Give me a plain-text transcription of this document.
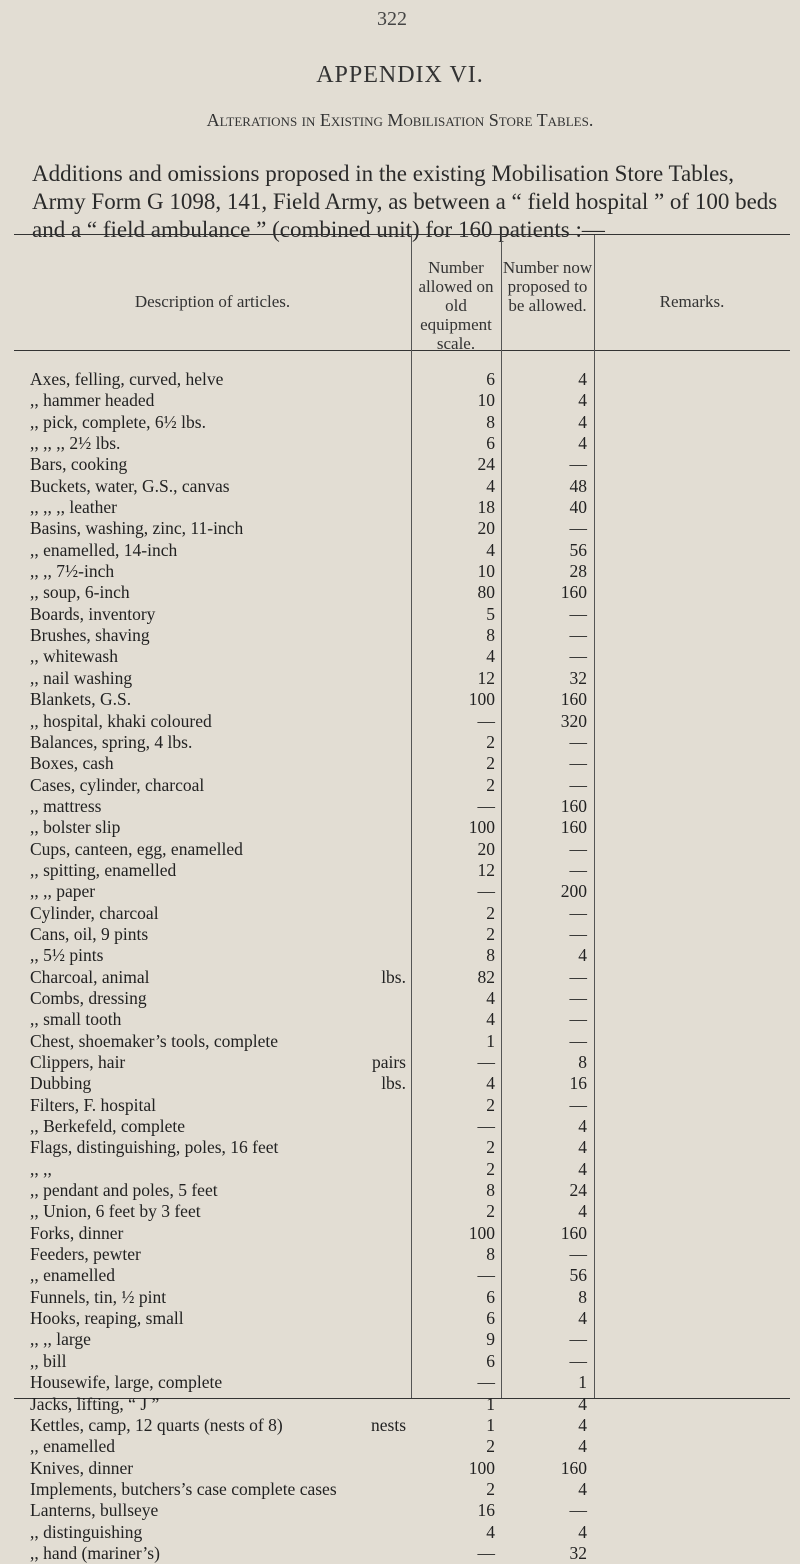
322
APPENDIX VI.
Alterations in Existing Mobilisation Store Tables.
Additions and omissions proposed in the existing Mobilisation Store Tables, Army Form G 1098, 141, Field Army, as between a “ field hospital ” of 100 beds and a “ field ambulance ” (combined unit) for 160 patients :—
Description of articles.
Number allowed on old equipment scale.
Number now proposed to be allowed.	Remarks.
Axes, felling, curved, helve	6	4
,, hammer headed	10	4
,, pick, complete, 6½ lbs.	8	4
,, ,, ,, 2½ lbs.	6	4
Bars, cooking	24	—
Buckets, water, G.S., canvas	4	48
,, ,, ,, leather	18	40
Basins, washing, zinc, 11-inch	20	—
,, enamelled, 14-inch	4	56
,, ,, 7½-inch	10	28
,, soup, 6-inch	80	160
Boards, inventory	5	—
Brushes, shaving	8	—
,, whitewash	4	—
,, nail washing	12	32
Blankets, G.S.	100	160
,, hospital, khaki coloured	—	320
Balances, spring, 4 lbs.	2	—
Boxes, cash	2	—
Cases, cylinder, charcoal	2	—
,, mattress	—	160
,, bolster slip	100	160
Cups, canteen, egg, enamelled	20	—
,, spitting, enamelled	12	—
,, ,, paper	—	200
Cylinder, charcoal	2	—
Cans, oil, 9 pints	2	—
,, 5½ pints	8	4
Charcoal, animal	lbs.	82	—
Combs, dressing	4	—
,, small tooth	4	—
Chest, shoemaker’s tools, complete	1	—
Clippers, hair	pairs	—	8
Dubbing	lbs.	4	16
Filters, F. hospital	2	—
,, Berkefeld, complete	—	4
Flags, distinguishing, poles, 16 feet	2	4
,, ,,	2	4
,, pendant and poles, 5 feet	8	24
,, Union, 6 feet by 3 feet	2	4
Forks, dinner	100	160
Feeders, pewter	8	—
,, enamelled	—	56
Funnels, tin, ½ pint	6	8
Hooks, reaping, small	6	4
,, ,, large	9	—
,, bill	6	—
Housewife, large, complete	—	1
Jacks, lifting, “ J ”	1	4
Kettles, camp, 12 quarts (nests of 8)	nests	1	4
,, enamelled	2	4
Knives, dinner	100	160
Implements, butchers’s case complete cases	2	4
Lanterns, bullseye	16	—
,, distinguishing	4	4
,, hand (mariner’s)	—	32
